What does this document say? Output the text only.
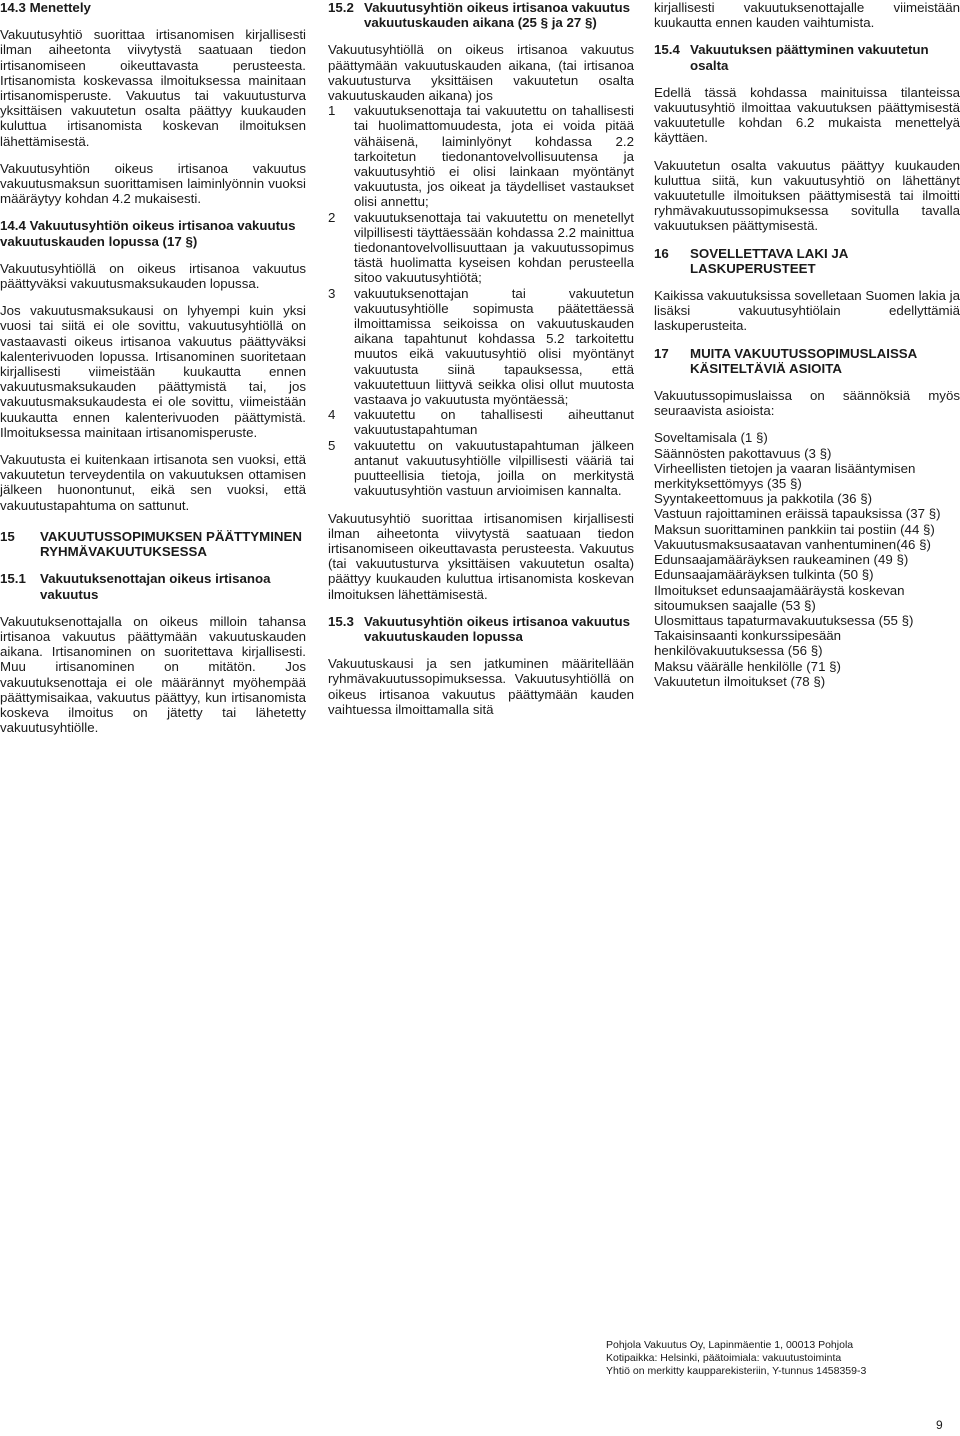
14.3 Menettely

Vakuutusyhtiö suorittaa irtisanomisen kirjallisesti ilman aiheetonta viivytystä saatuaan tiedon irtisanomiseen oikeuttavasta perusteesta. Irtisanomista koskevassa ilmoituksessa mainitaan irtisanomisperuste. Vakuutus tai vakuutusturva yksittäisen vakuutetun osalta päättyy kuukauden kuluttua irtisanomista koskevan ilmoituksen lähettämisestä.

Vakuutusyhtiön oikeus irtisanoa vakuutus vakuutusmaksun suorittamisen laiminlyönnin vuoksi määräytyy kohdan 4.2 mukaisesti.

14.4 Vakuutusyhtiön oikeus irtisanoa vakuutus vakuutuskauden lopussa (17 §)

Vakuutusyhtiöllä on oikeus irtisanoa vakuutus päättyväksi vakuutusmaksukauden lopussa.

Jos vakuutusmaksukausi on lyhyempi kuin yksi vuosi tai siitä ei ole sovittu, vakuutusyhtiöllä on vastaavasti oikeus irtisanoa vakuutus päättyväksi kalenterivuoden lopussa. Irtisanominen suoritetaan kirjallisesti viimeistään kuukautta ennen vakuutusmaksukauden päättymistä tai, jos vakuutusmaksukaudesta ei ole sovittu, viimeistään kuukautta ennen kalenterivuoden päättymistä. Ilmoituksessa mainitaan irtisanomisperuste.

Vakuutusta ei kuitenkaan irtisanota sen vuoksi, että vakuutetun terveydentila on vakuutuksen ottamisen jälkeen huonontunut, eikä sen vuoksi, että vakuutustapahtuma on sattunut.

15	VAKUUTUSSOPIMUKSEN PÄÄTTYMINEN RYHMÄVAKUUTUKSESSA
15.1	Vakuutuksenottajan oikeus irtisanoa vakuutus

Vakuutuksenottajalla on oikeus milloin tahansa irtisanoa vakuutus päättymään vakuutuskauden aikana. Irtisanominen on suoritettava kirjallisesti. Muu irtisanominen on mitätön. Jos vakuutuksenottaja ei ole määrännyt myöhempää päättymisaikaa, vakuutus päättyy, kun irtisanomista koskeva ilmoitus on jätetty tai lähetetty vakuutusyhtiölle.

15.2 Vakuutusyhtiön oikeus irtisanoa vakuutus vakuutuskauden aikana (25 § ja 27 §)

Vakuutusyhtiöllä on oikeus irtisanoa vakuutus päättymään vakuutuskauden aikana, (tai irtisanoa vakuutusturva yksittäisen vakuutetun osalta vakuutuskauden aikana) jos

1	vakuutuksenottaja tai vakuutettu on tahallisesti tai huolimattomuudesta, jota ei voida pitää vähäisenä, laiminlyönyt kohdassa 2.2 tarkoitetun tiedonantovelvollisuutensa ja vakuutusyhtiö ei olisi lainkaan myöntänyt vakuutusta, jos oikeat ja täydelliset vastaukset olisi annettu;
2	vakuutuksenottaja tai vakuutettu on menetellyt vilpillisesti täyttäessään kohdassa 2.2 mainittua tiedonantovelvollisuuttaan ja vakuutussopimus tästä huolimatta kyseisen kohdan perusteella sitoo vakuutusyhtiötä;
3	vakuutuksenottajan tai vakuutetun vakuutusyhtiölle sopimusta päätettäessä ilmoittamissa seikoissa on vakuutuskauden aikana tapahtunut kohdassa 5.2 tarkoitettu muutos eikä vakuutusyhtiö olisi myöntänyt vakuutusta siinä tapauksessa, että vakuutettuun liittyvä seikka olisi ollut muutosta vastaava jo vakuutusta myöntäessä;
4	vakuutettu on tahallisesti aiheuttanut vakuutustapahtuman
5	vakuutettu on vakuutustapahtuman jälkeen antanut vakuutusyhtiölle vilpillisesti vääriä tai puutteellisia tietoja, joilla on merkitystä vakuutusyhtiön vastuun arvioimisen kannalta.

Vakuutusyhtiö suorittaa irtisanomisen kirjallisesti ilman aiheetonta viivytystä saatuaan tiedon irtisanomiseen oikeuttavasta perusteesta. Vakuutus (tai vakuutusturva yksittäisen vakuutetun osalta) päättyy kuukauden kuluttua irtisanomista koskevan ilmoituksen lähettämisestä.

15.3 Vakuutusyhtiön oikeus irtisanoa vakuutus vakuutuskauden lopussa

Vakuutuskausi ja sen jatkuminen määritellään ryhmävakuutussopimuksessa. Vakuutusyhtiöllä on oikeus irtisanoa vakuutus päättymään kauden vaihtuessa ilmoittamalla sitä

kirjallisesti vakuutuksenottajalle viimeistään kuukautta ennen kauden vaihtumista.

15.4 Vakuutuksen päättyminen vakuutetun osalta

Edellä tässä kohdassa mainituissa tilanteissa vakuutusyhtiö ilmoittaa vakuutuksen päättymisestä vakuutetulle kohdan 6.2 mukaista menettelyä käyttäen.

Vakuutetun osalta vakuutus päättyy kuukauden kuluttua siitä, kun vakuutusyhtiö on lähettänyt vakuutetulle ilmoituksen päättymisestä tai ilmoitti ryhmävakuutussopimuksessa sovitulla tavalla vakuutuksen päättymisestä.

16	SOVELLETTAVA LAKI JA LASKUPERUSTEET

Kaikissa vakuutuksissa sovelletaan Suomen lakia ja lisäksi vakuutusyhtiölain edellyttämiä laskuperusteita.

17	MUITA VAKUUTUSSOPIMUSLAISSA KÄSITELTÄVIÄ ASIOITA

Vakuutussopimuslaissa on säännöksiä myös seuraavista asioista:

Soveltamisala (1 §)
Säännösten pakottavuus (3 §)
Virheellisten tietojen ja vaaran lisääntymisen merkityksettömyys (35 §)
Syyntakeettomuus ja pakkotila (36 §)
Vastuun rajoittaminen eräissä tapauksissa (37 §)
Maksun suorittaminen pankkiin tai postiin (44 §)
Vakuutusmaksusaatavan vanhentuminen(46 §)
Edunsaajamääräyksen raukeaminen (49 §)
Edunsaajamääräyksen tulkinta (50 §)
Ilmoitukset edunsaajamääräystä koskevan sitoumuksen saajalle (53 §)
Ulosmittaus tapaturmavakuutuksessa (55 §)
Takaisinsaanti konkurssipesään henkilövakuutuksessa (56 §)
Maksu väärälle henkilölle (71 §)
Vakuutetun ilmoitukset (78 §)
Pohjola Vakuutus Oy, Lapinmäentie 1, 00013 Pohjola
Kotipaikka: Helsinki, päätoimiala: vakuutustoiminta
Yhtiö on merkitty kaupparekisteriin, Y-tunnus 1458359-3
9
